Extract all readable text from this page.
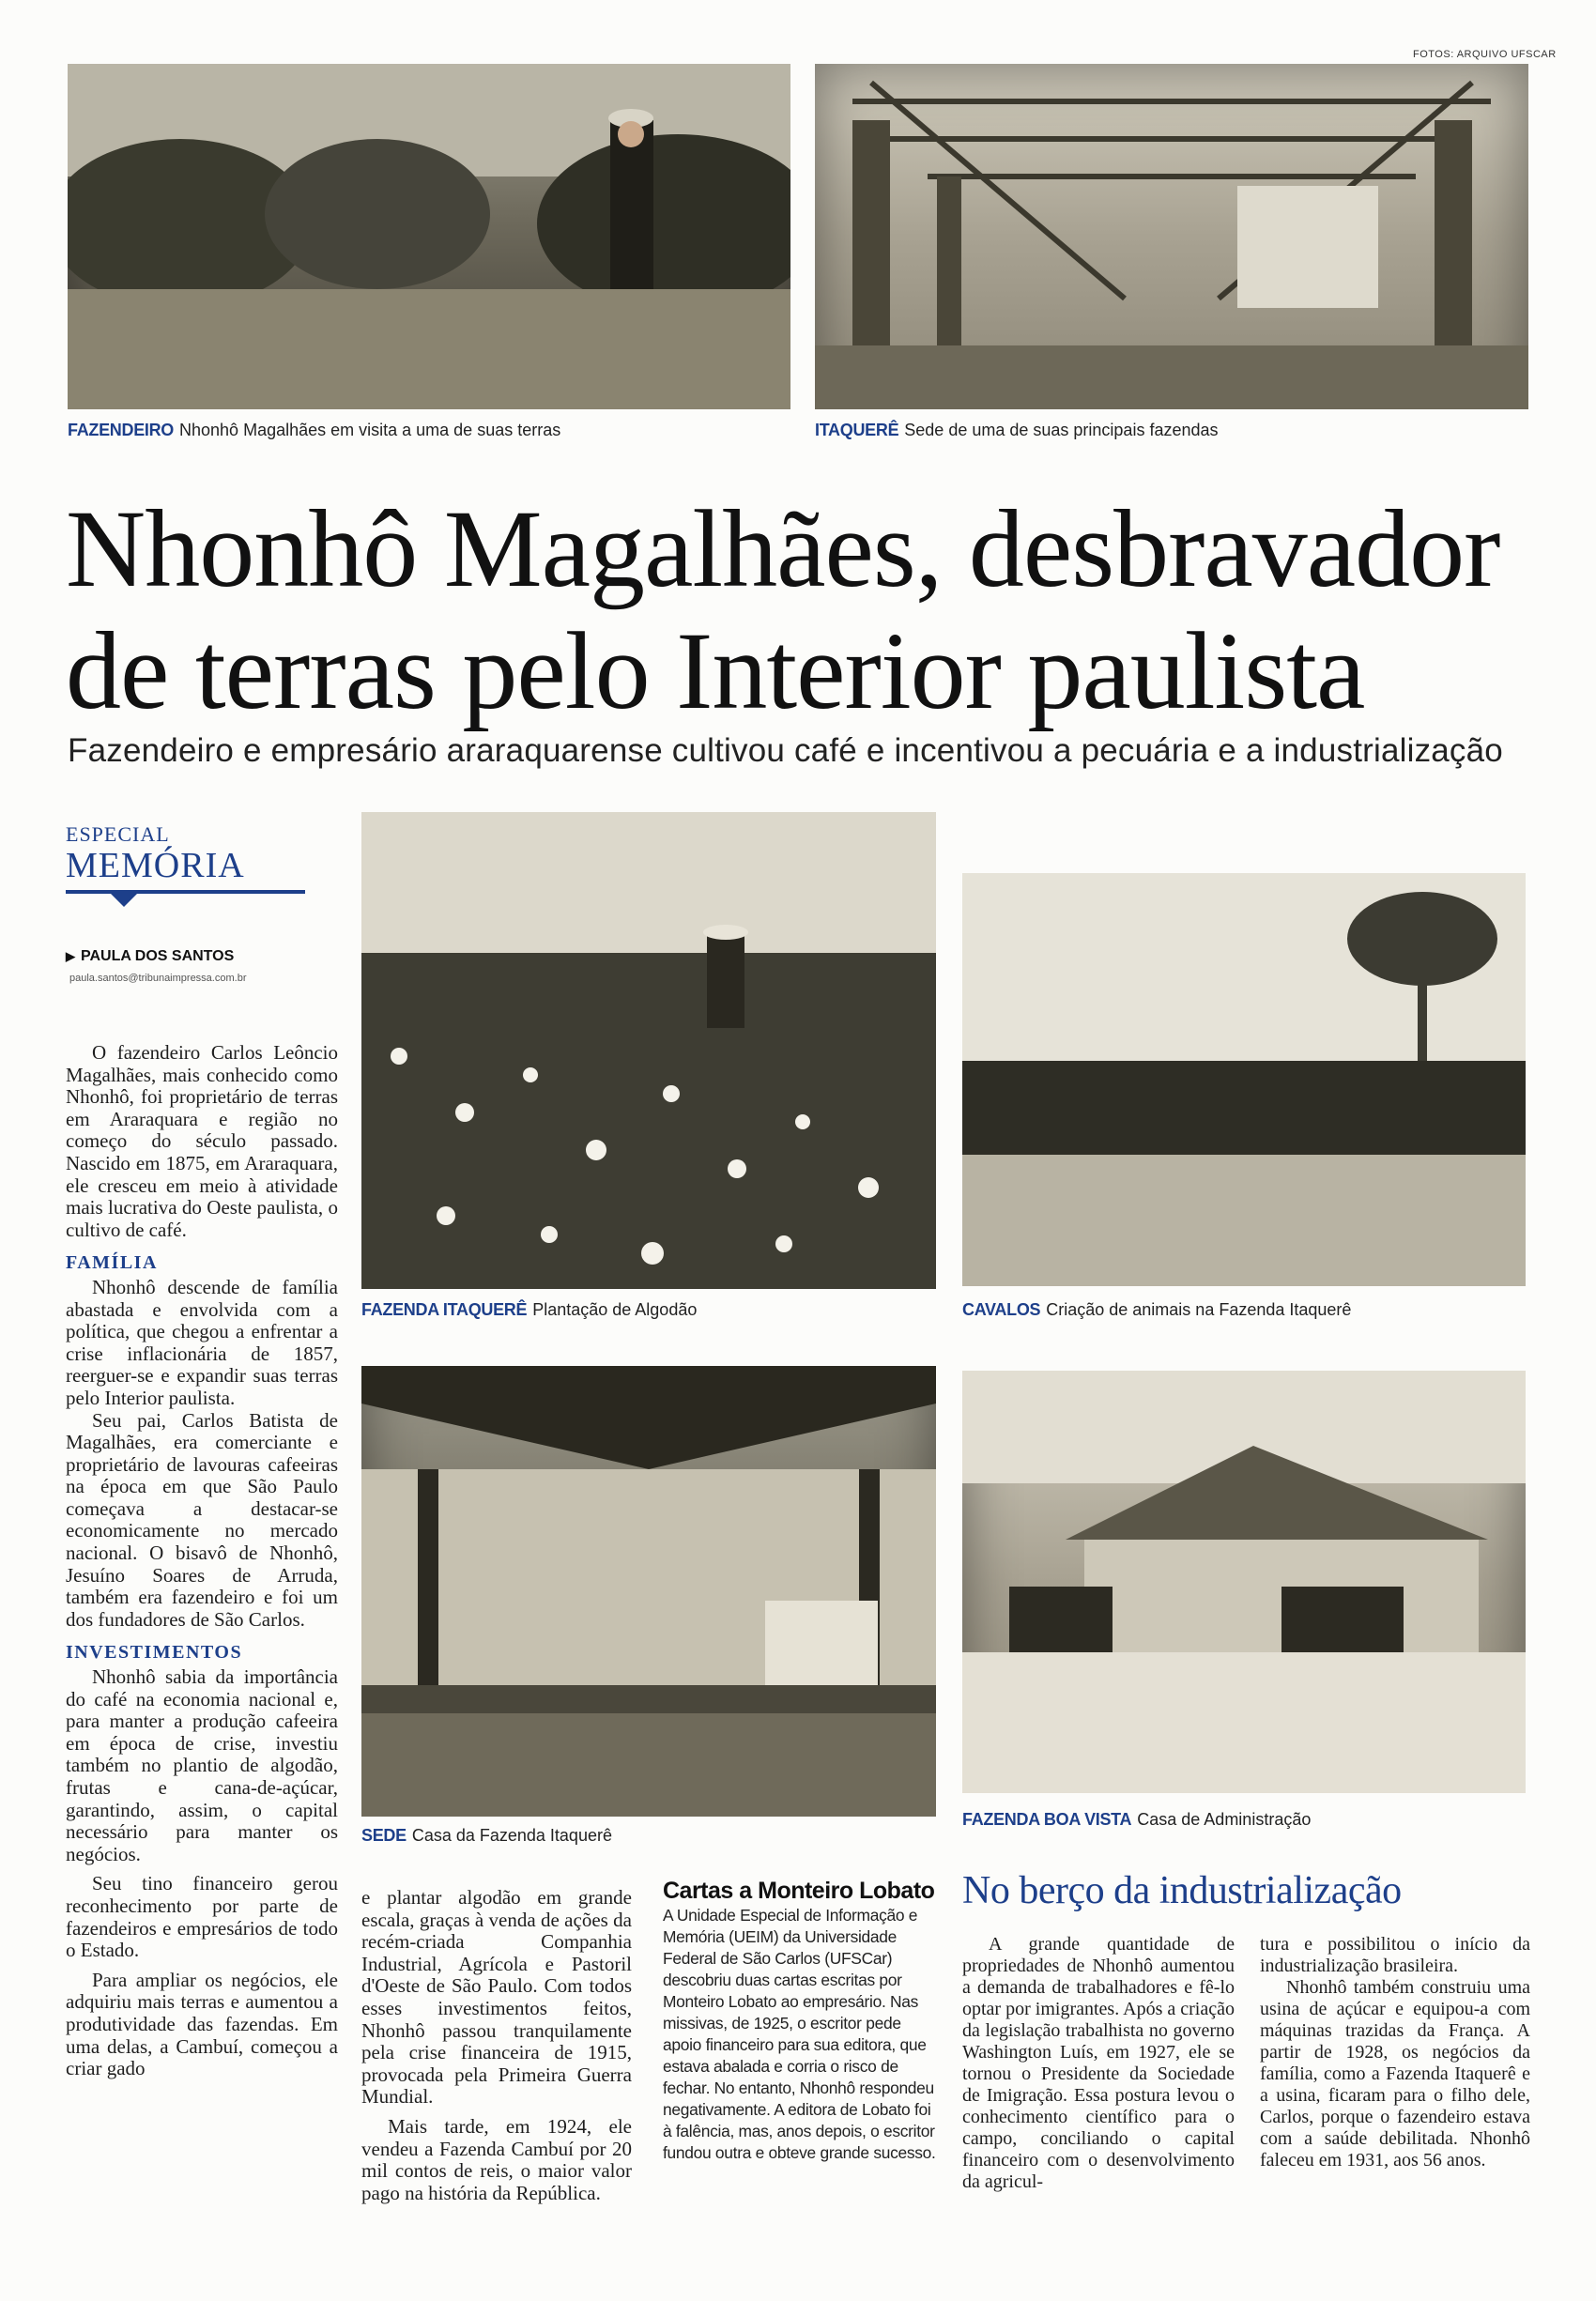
FOTOS: ARQUIVO UFSCAR
FAZENDEIRO Nhonhô Magalhães em visita a uma de suas terras	ITAQUERÊ Sede de uma de suas principais fazendas
Nhonhô Magalhães, desbravador
de terras pelo Interior paulista
Fazendeiro e empresário araraquarense cultivou café e incentivou a pecuária e a industrialização
ESPECIAL
MEMÓRIA
▶ PAULA DOS SANTOS
paula.santos@tribunaimpressa.com.br
FAZENDA ITAQUERÊ Plantação de Algodão	CAVALOS Criação de animais na Fazenda Itaquerê
SEDE Casa da Fazenda Itaquerê
FAZENDA BOA VISTA Casa de Administração

O fazendeiro Carlos Leôncio Magalhães, mais conhecido como Nhonhô, foi proprietário de terras em Araraquara e região no começo do século passado. Nascido em 1875, em Araraquara, ele cresceu em meio à atividade mais lucrativa do Oeste paulista, o cultivo de café.

FAMÍLIA

Nhonhô descende de família abastada e envolvida com a política, que chegou a enfrentar a crise inflacionária de 1857, reerguer-se e expandir suas terras pelo Interior paulista.

Seu pai, Carlos Batista de Magalhães, era comerciante e proprietário de lavouras cafeeiras na época em que São Paulo começava a destacar-se economicamente no mercado nacional. O bisavô de Nhonhô, Jesuíno Soares de Arruda, também era fazendeiro e foi um dos fundadores de São Carlos.

INVESTIMENTOS

Nhonhô sabia da importância do café na economia nacional e, para manter a produção cafeeira em época de crise, investiu também no plantio de algodão, frutas e cana-de-açúcar, garantindo, assim, o capital necessário para manter os negócios.

Seu tino financeiro gerou reconhecimento por parte de fazendeiros e empresários de todo o Estado.

Para ampliar os negócios, ele adquiriu mais terras e aumentou a produtividade das fazendas. Em uma delas, a Cambuí, começou a criar gado

e plantar algodão em grande escala, graças à venda de ações da recém-criada Companhia Industrial, Agrícola e Pastoril d'Oeste de São Paulo. Com todos esses investimentos feitos, Nhonhô passou tranquilamente pela crise financeira de 1915, provocada pela Primeira Guerra Mundial.

Mais tarde, em 1924, ele vendeu a Fazenda Cambuí por 20 mil contos de reis, o maior valor pago na história da República.

Cartas a Monteiro Lobato
A Unidade Especial de Informação e Memória (UEIM) da Universidade Federal de São Carlos (UFSCar) descobriu duas cartas escritas por Monteiro Lobato ao empresário. Nas missivas, de 1925, o escritor pede apoio financeiro para sua editora, que estava abalada e corria o risco de fechar. No entanto, Nhonhô respondeu negativamente. A editora de Lobato foi à falência, mas, anos depois, o escritor fundou outra e obteve grande sucesso.
No berço da industrialização

A grande quantidade de propriedades de Nhonhô aumentou a demanda de trabalhadores e fê-lo optar por imigrantes. Após a criação da legislação trabalhista no governo Washington Luís, em 1927, ele se tornou o Presidente da Sociedade de Imigração. Essa postura levou o conhecimento científico para o campo, conciliando o capital financeiro com o desenvolvimento da agricul-

tura e possibilitou o início da industrialização brasileira.

Nhonhô também construiu uma usina de açúcar e equipou-a com máquinas trazidas da França. A partir de 1928, os negócios da família, como a Fazenda Itaquerê e a usina, ficaram para o filho dele, Carlos, porque o fazendeiro estava com a saúde debilitada. Nhonhô faleceu em 1931, aos 56 anos.
